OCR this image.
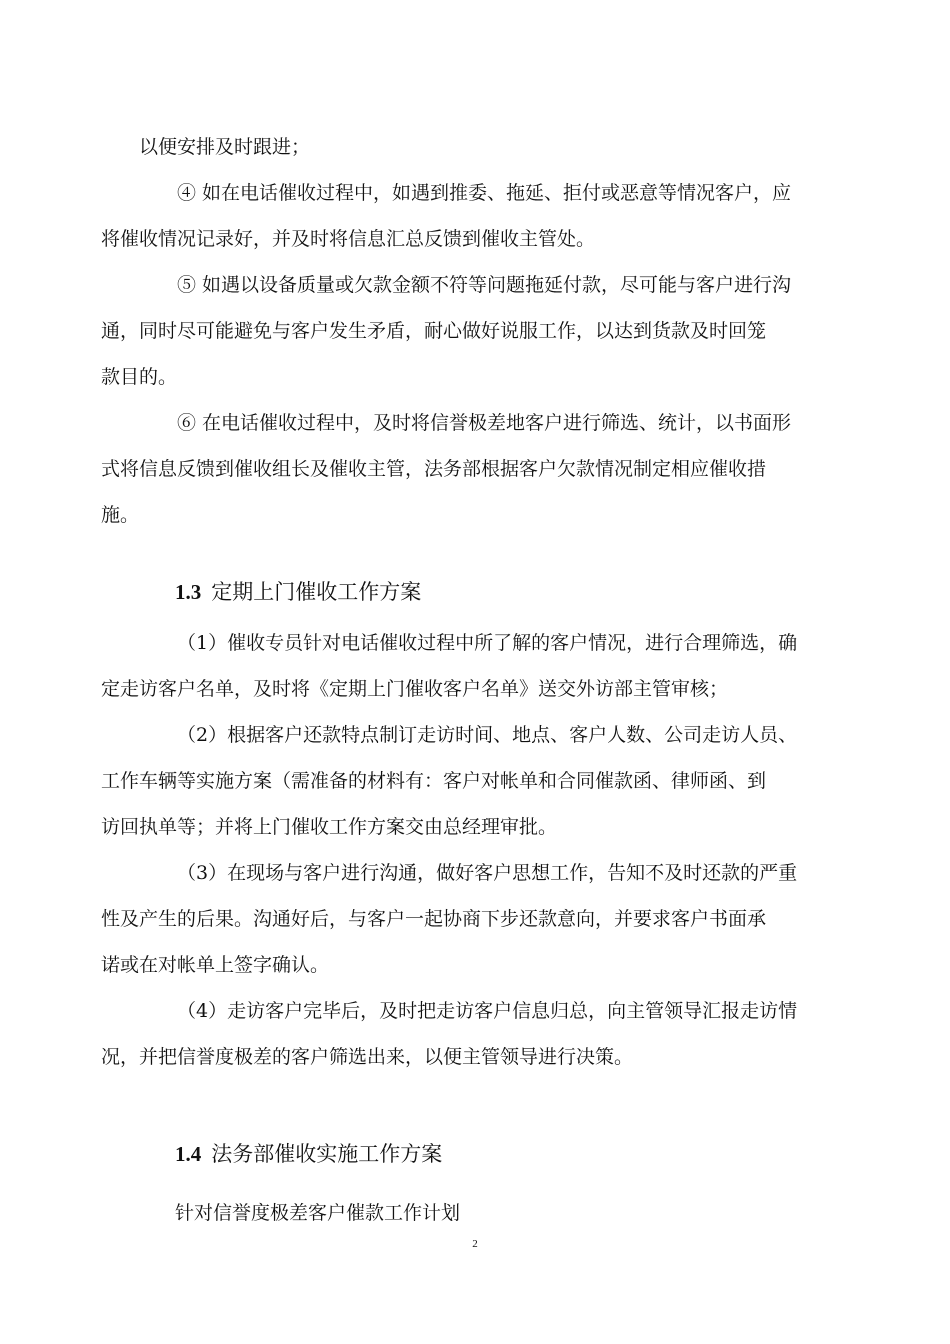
以便安排及时跟进；

④ 如在电话催收过程中，如遇到推委、拖延、拒付或恶意等情况客户，应
将催收情况记录好，并及时将信息汇总反馈到催收主管处。

⑤ 如遇以设备质量或欠款金额不符等问题拖延付款，尽可能与客户进行沟
通，同时尽可能避免与客户发生矛盾，耐心做好说服工作，以达到货款及时回笼
款目的。

⑥ 在电话催收过程中，及时将信誉极差地客户进行筛选、统计，以书面形
式将信息反馈到催收组长及催收主管，法务部根据客户欠款情况制定相应催收措
施。

1.3 定期上门催收工作方案

（1）催收专员针对电话催收过程中所了解的客户情况，进行合理筛选，确
定走访客户名单，及时将《定期上门催收客户名单》送交外访部主管审核；

（2）根据客户还款特点制订走访时间、地点、客户人数、公司走访人员、
工作车辆等实施方案（需准备的材料有：客户对帐单和合同催款函、律师函、到
访回执单等；并将上门催收工作方案交由总经理审批。

（3）在现场与客户进行沟通，做好客户思想工作，告知不及时还款的严重
性及产生的后果。沟通好后，与客户一起协商下步还款意向，并要求客户书面承
诺或在对帐单上签字确认。

（4）走访客户完毕后，及时把走访客户信息归总，向主管领导汇报走访情
况，并把信誉度极差的客户筛选出来，以便主管领导进行决策。

1.4 法务部催收实施工作方案

针对信誉度极差客户催款工作计划

2
